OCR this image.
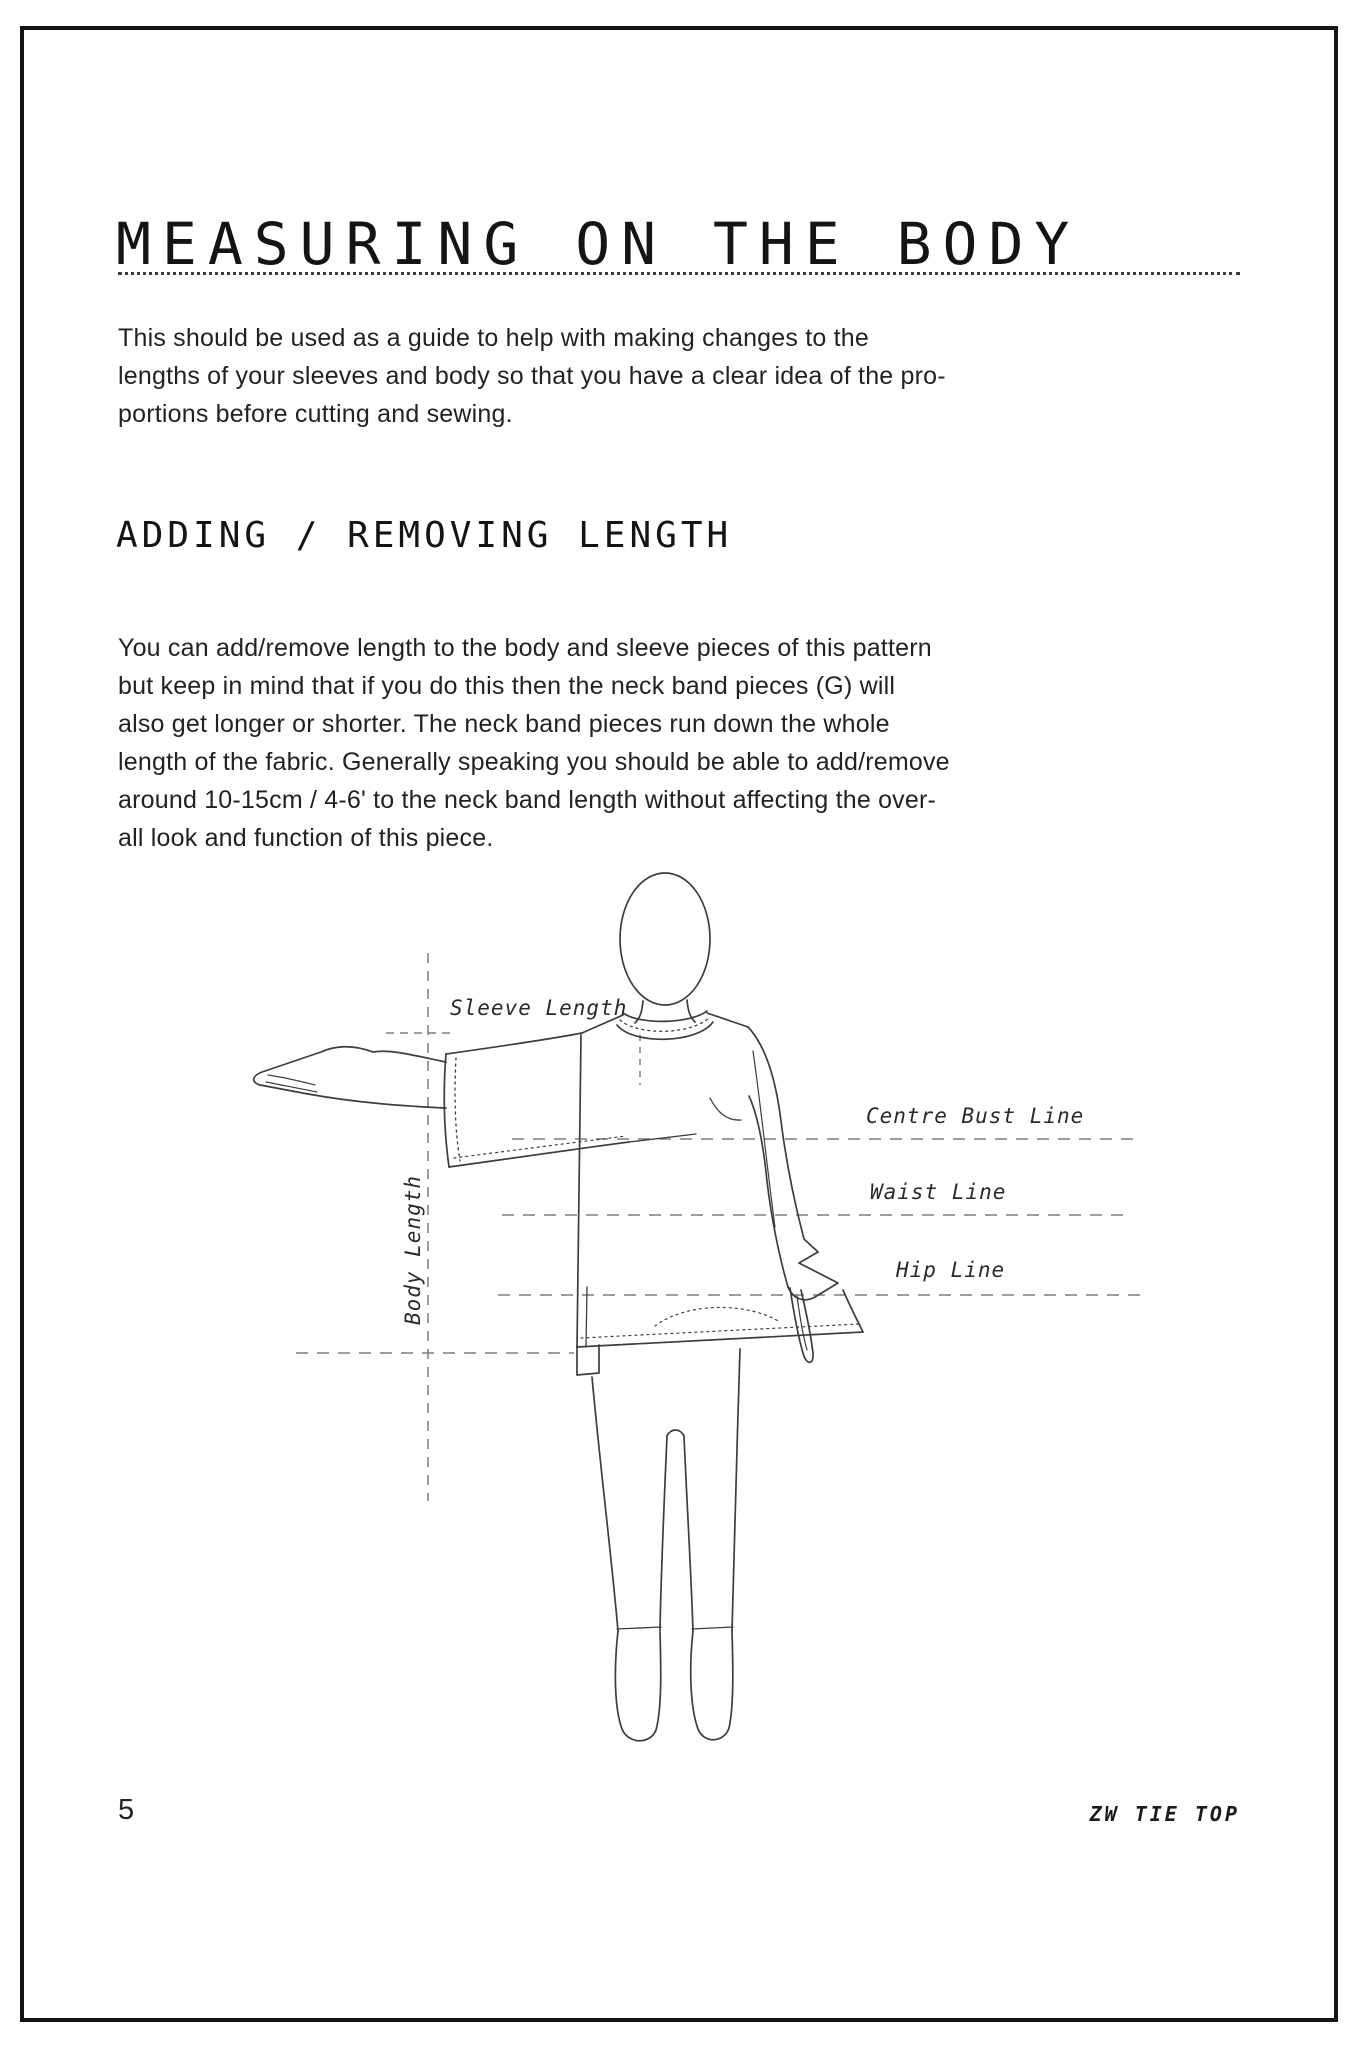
MEASURING ON THE BODY

This should be used as a guide to help with making changes to the
lengths of your sleeves and body so that you have a clear idea of the pro-
portions before cutting and sewing.

ADDING / REMOVING LENGTH

You can add/remove length to the body and sleeve pieces of this pattern
but keep in mind that if you do this then the neck band pieces (G) will
also get longer or shorter. The neck band pieces run down the whole
length of the fabric. Generally speaking you should be able to add/remove
around 10-15cm / 4-6' to the neck band length without affecting the over-
all look and function of this piece.

Sleeve Length
Centre Bust Line
Waist Line
Hip Line
Body Length
5	ZW TIE TOP
